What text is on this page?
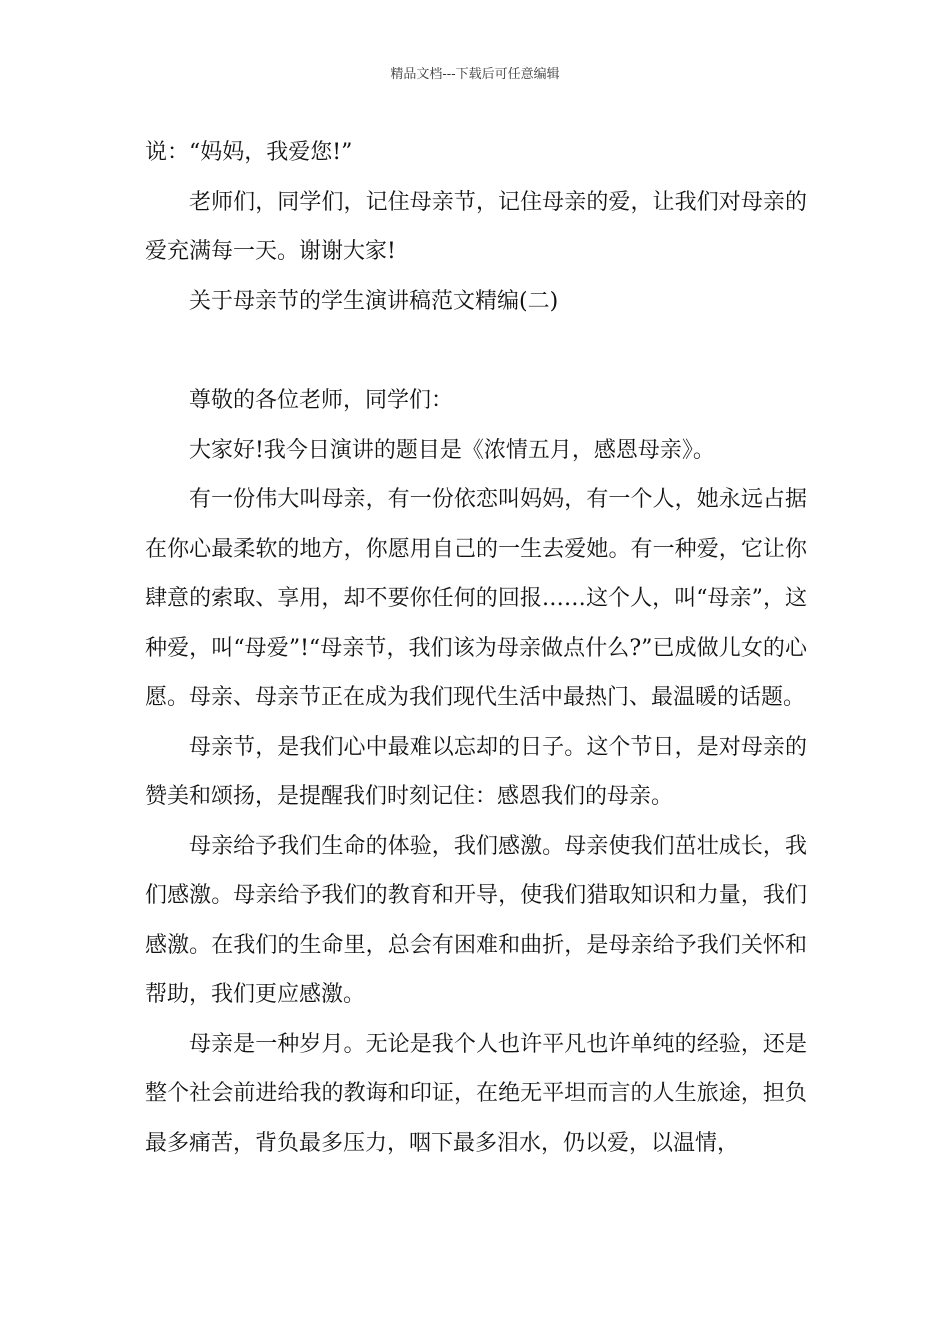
精品文档---下载后可任意编辑

说：“妈妈，我爱您!”

老师们，同学们，记住母亲节，记住母亲的爱，让我们对母亲的爱充满每一天。谢谢大家!

关于母亲节的学生演讲稿范文精编(二)

尊敬的各位老师，同学们：

大家好!我今日演讲的题目是《浓情五月，感恩母亲》。

有一份伟大叫母亲，有一份依恋叫妈妈，有一个人，她永远占据在你心最柔软的地方，你愿用自己的一生去爱她。有一种爱，它让你肆意的索取、享用，却不要你任何的回报……这个人，叫“母亲”，这种爱，叫“母爱”!“母亲节，我们该为母亲做点什么?”已成做儿女的心愿。母亲、母亲节正在成为我们现代生活中最热门、最温暖的话题。

母亲节，是我们心中最难以忘却的日子。这个节日，是对母亲的赞美和颂扬，是提醒我们时刻记住：感恩我们的母亲。

母亲给予我们生命的体验，我们感激。母亲使我们茁壮成长，我们感激。母亲给予我们的教育和开导，使我们猎取知识和力量，我们感激。在我们的生命里，总会有困难和曲折，是母亲给予我们关怀和帮助，我们更应感激。

母亲是一种岁月。无论是我个人也许平凡也许单纯的经验，还是整个社会前进给我的教诲和印证，在绝无平坦而言的人生旅途，担负最多痛苦，背负最多压力，咽下最多泪水，仍以爱，以温情，
